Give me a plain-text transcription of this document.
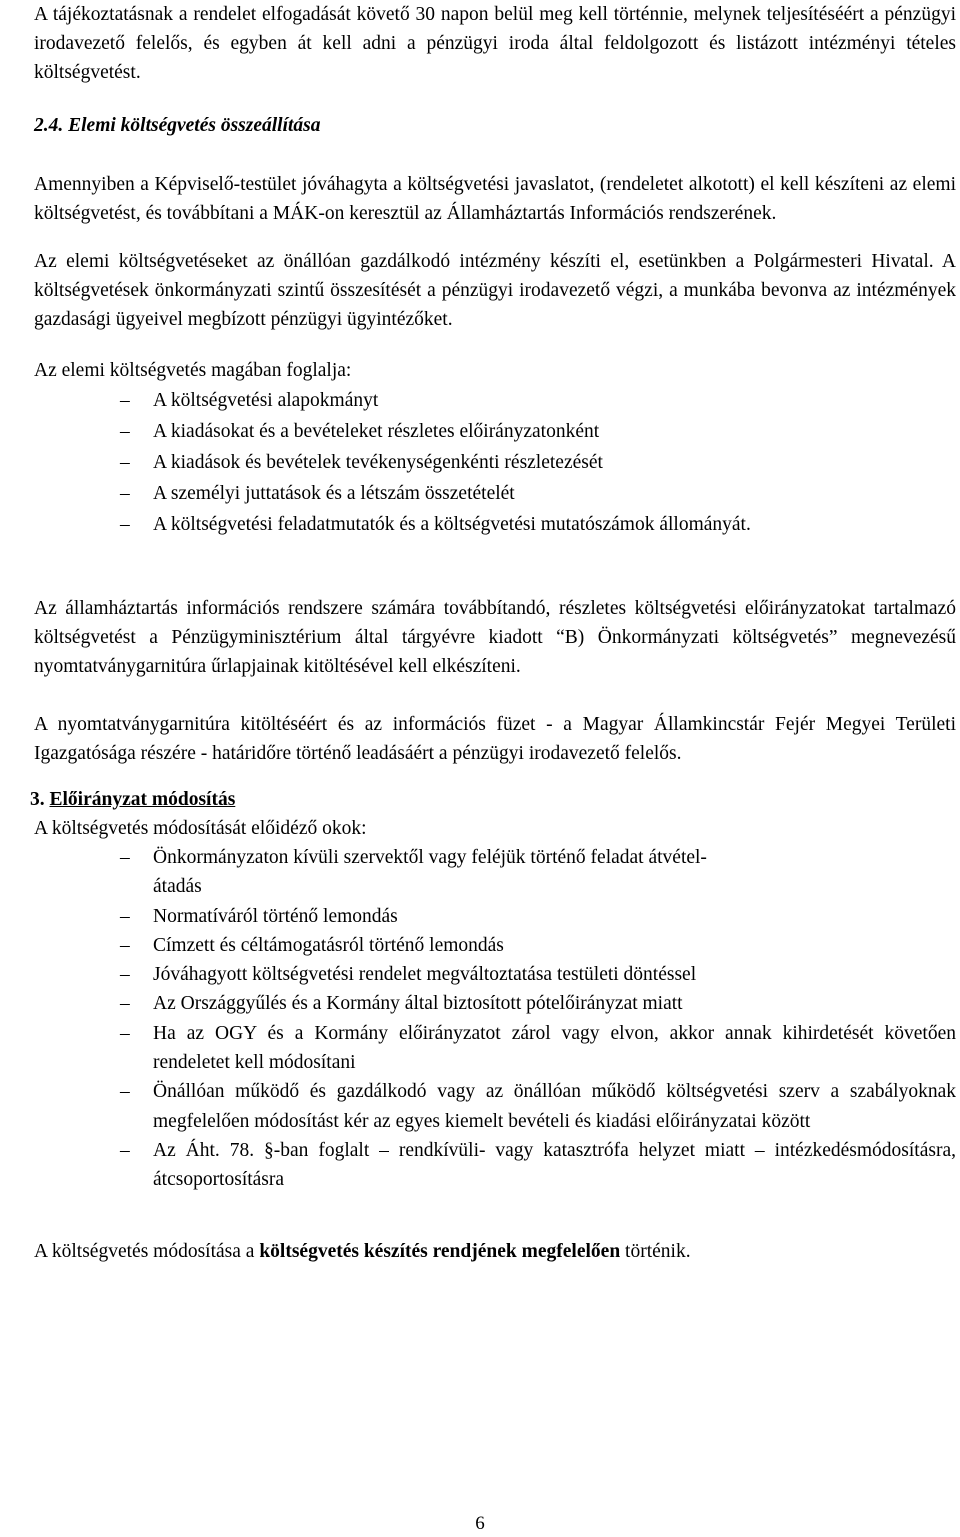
A tájékoztatásnak a rendelet elfogadását követő 30 napon belül meg kell történnie, melynek teljesítéséért a pénzügyi irodavezető felelős, és egyben át kell adni a pénzügyi iroda által feldolgozott és listázott intézményi tételes költségvetést.

2.4. Elemi költségvetés összeállítása

Amennyiben a Képviselő-testület jóváhagyta a költségvetési javaslatot, (rendeletet alkotott) el kell készíteni az elemi költségvetést, és továbbítani a MÁK-on keresztül az Államháztartás Információs rendszerének.

Az elemi költségvetéseket az önállóan gazdálkodó intézmény készíti el, esetünkben a Polgármesteri Hivatal. A költségvetések önkormányzati szintű összesítését a pénzügyi irodavezető végzi, a munkába bevonva az intézmények gazdasági ügyeivel megbízott pénzügyi ügyintézőket.

Az elemi költségvetés magában foglalja:

–	A költségvetési alapokmányt
–	A kiadásokat és a bevételeket részletes előirányzatonként
–	A kiadások és bevételek tevékenységenkénti részletezését
–	A személyi juttatások és a létszám összetételét
–	A költségvetési feladatmutatók és a költségvetési mutatószámok állományát.

Az államháztartás információs rendszere számára továbbítandó, részletes költségvetési előirányzatokat tartalmazó költségvetést a Pénzügyminisztérium által tárgyévre kiadott “B) Önkormányzati költségvetés” megnevezésű nyomtatványgarnitúra űrlapjainak kitöltésével kell elkészíteni.

A nyomtatványgarnitúra kitöltéséért és az információs füzet - a Magyar Államkincstár Fejér Megyei Területi Igazgatósága részére - határidőre történő leadásáért a pénzügyi irodavezető felelős.

3. Előirányzat módosítás

A költségvetés módosítását előidéző okok:

–	Önkormányzaton kívüli szervektől vagy feléjük történő feladat átvétel-átadás
–	Normatíváról történő lemondás
–	Címzett és céltámogatásról történő lemondás
–	Jóváhagyott költségvetési rendelet megváltoztatása testületi döntéssel
–	Az Országgyűlés és a Kormány által biztosított pótelőirányzat miatt
–	Ha az OGY és a Kormány előirányzatot zárol vagy elvon, akkor annak kihirdetését követően rendeletet kell módosítani
–	Önállóan működő és gazdálkodó vagy az önállóan működő költségvetési szerv a szabályoknak megfelelően módosítást kér az egyes kiemelt bevételi és kiadási előirányzatai között
–	Az Áht. 78. §-ban foglalt – rendkívüli- vagy katasztrófa helyzet miatt – intézkedésmódosításra, átcsoportosításra

A költségvetés módosítása a költségvetés készítés rendjének megfelelően történik.

6
